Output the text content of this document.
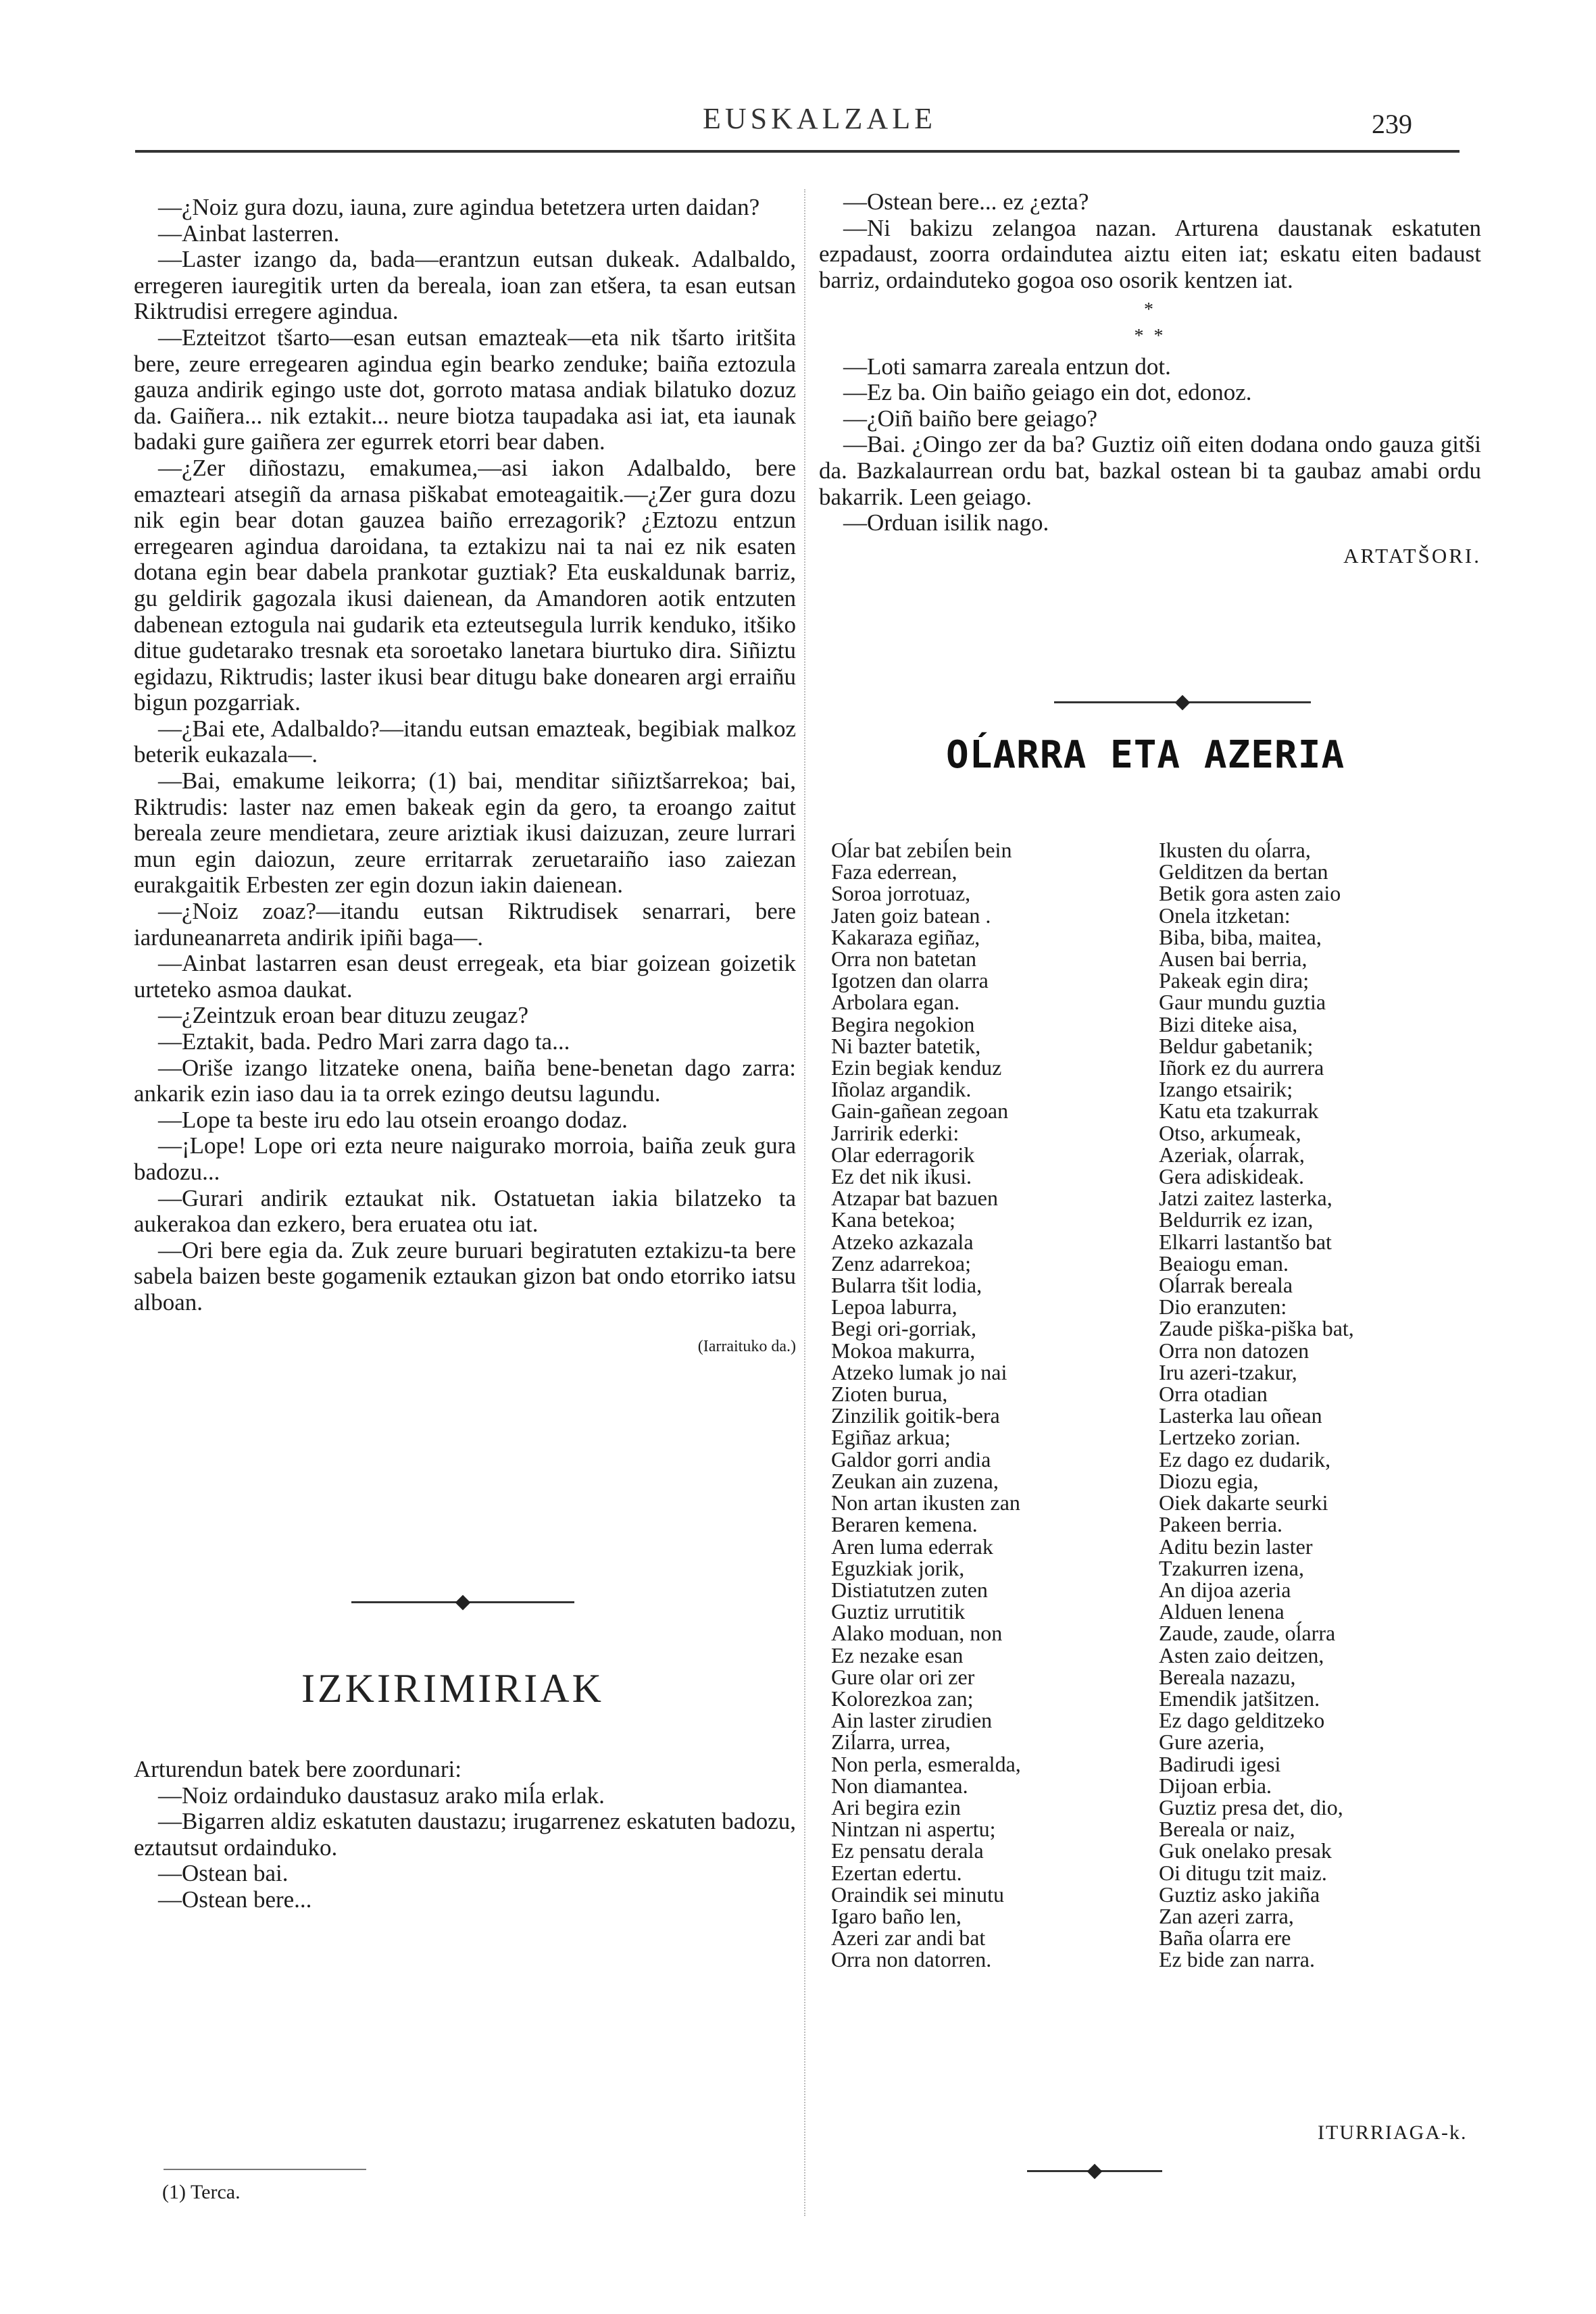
EUSKALZALE	239

—¿Noiz gura dozu, iauna, zure agindua betetzera urten daidan?

—Ainbat lasterren.

—Laster izango da, bada—erantzun eutsan dukeak. Adalbaldo, erregeren iauregitik urten da bereala, ioan zan etšera, ta esan eutsan Riktrudisi erregere agindua.

—Ezteitzot tšarto—esan eutsan emazteak—eta nik tšarto iritšita bere, zeure erregearen agindua egin bearko zenduke; baiña eztozula gauza andirik egingo uste dot, gorroto matasa andiak bilatuko dozuz da. Gaiñera... nik eztakit... neure biotza taupadaka asi iat, eta iaunak badaki gure gaiñera zer egurrek etorri bear daben.

—¿Zer diñostazu, emakumea,—asi iakon Adalbaldo, bere emazteari atsegiñ da arnasa piškabat emoteagaitik.—¿Zer gura dozu nik egin bear dotan gauzea baiño errezagorik? ¿Eztozu entzun erregearen agindua daroidana, ta eztakizu nai ta nai ez nik esaten dotana egin bear dabela prankotar guztiak? Eta euskaldunak barriz, gu geldirik gagozala ikusi daienean, da Amandoren aotik entzuten dabenean eztogula nai gudarik eta ezteutsegula lurrik kenduko, itšiko ditue gudetarako tresnak eta soroetako lanetara biurtuko dira. Siñiztu egidazu, Riktrudis; laster ikusi bear ditugu bake donearen argi erraiñu bigun pozgarriak.

—¿Bai ete, Adalbaldo?—itandu eutsan emazteak, begibiak malkoz beterik eukazala—.

—Bai, emakume leikorra; (1) bai, menditar siñiztšarrekoa; bai, Riktrudis: laster naz emen bakeak egin da gero, ta eroango zaitut bereala zeure mendietara, zeure ariztiak ikusi daizuzan, zeure lurrari mun egin daiozun, zeure erritarrak zeruetaraiño iaso zaiezan eurakgaitik Erbesten zer egin dozun iakin daienean.

—¿Noiz zoaz?—itandu eutsan Riktrudisek senarrari, bere iarduneanarreta andirik ipiñi baga—.

—Ainbat lastarren esan deust erregeak, eta biar goizean goizetik urteteko asmoa daukat.

—¿Zeintzuk eroan bear dituzu zeugaz?

—Eztakit, bada. Pedro Mari zarra dago ta...

—Oriše izango litzateke onena, baiña bene-benetan dago zarra: ankarik ezin iaso dau ia ta orrek ezingo deutsu lagundu.

—Lope ta beste iru edo lau otsein eroango dodaz.

—¡Lope! Lope ori ezta neure naigurako morroia, baiña zeuk gura badozu...

—Gurari andirik eztaukat nik. Ostatuetan iakia bilatzeko ta aukerakoa dan ezkero, bera eruatea otu iat.

—Ori bere egia da. Zuk zeure buruari begiratuten eztakizu-ta bere sabela baizen beste gogamenik eztaukan gizon bat ondo etorriko iatsu alboan.

(Iarraituko da.)
IZKIRIMIRIAK

Arturendun batek bere zoordunari:

—Noiz ordainduko daustasuz arako miĺa erlak.

—Bigarren aldiz eskatuten daustazu; irugarrenez eskatuten badozu, eztautsut ordainduko.

—Ostean bai.

—Ostean bere...

(1) Terca.

—Ostean bere... ez ¿ezta?

—Ni bakizu zelangoa nazan. Arturena daustanak eskatuten ezpadaust, zoorra ordaindutea aiztu eiten iat; eskatu eiten badaust barriz, ordainduteko gogoa oso osorik kentzen iat.

*
* *

—Loti samarra zareala entzun dot.

—Ez ba. Oin baiño geiago ein dot, edonoz.

—¿Oiñ baiño bere geiago?

—Bai. ¿Oingo zer da ba? Guztiz oiñ eiten dodana ondo gauza gitši da. Bazkalaurrean ordu bat, bazkal ostean bi ta gaubaz amabi ordu bakarrik. Leen geiago.

—Orduan isilik nago.

ARTATŠORI.
OĹARRA ETA AZERIA
Oĺar bat zebiĺen bein
Faza ederrean,
Soroa jorrotuaz,
Jaten goiz batean .
Kakaraza egiñaz,
Orra non batetan
Igotzen dan olarra
Arbolara egan.
Begira negokion
Ni bazter batetik,
Ezin begiak kenduz
Iñolaz argandik.
Gain-gañean zegoan
Jarririk ederki:
Olar ederragorik
Ez det nik ikusi.
Atzapar bat bazuen
Kana betekoa;
Atzeko azkazala
Zenz adarrekoa;
Bularra tšit lodia,
Lepoa laburra,
Begi ori-gorriak,
Mokoa makurra,
Atzeko lumak jo nai
Zioten burua,
Zinzilik goitik-bera
Egiñaz arkua;
Galdor gorri andia
Zeukan ain zuzena,
Non artan ikusten zan
Beraren kemena.
Aren luma ederrak
Eguzkiak jorik,
Distiatutzen zuten
Guztiz urrutitik
Alako moduan, non
Ez nezake esan
Gure olar ori zer
Kolorezkoa zan;
Ain laster zirudien
Ziĺarra, urrea,
Non perla, esmeralda,
Non diamantea.
Ari begira ezin
Nintzan ni aspertu;
Ez pensatu derala
Ezertan edertu.
Oraindik sei minutu
Igaro baño len,
Azeri zar andi bat
Orra non datorren.
Ikusten du oĺarra,
Gelditzen da bertan
Betik gora asten zaio
Onela itzketan:
Biba, biba, maitea,
Ausen bai berria,
Pakeak egin dira;
Gaur mundu guztia
Bizi diteke aisa,
Beldur gabetanik;
Iñork ez du aurrera
Izango etsairik;
Katu eta tzakurrak
Otso, arkumeak,
Azeriak, oĺarrak,
Gera adiskideak.
Jatzi zaitez lasterka,
Beldurrik ez izan,
Elkarri lastantšo bat
Beaiogu eman.
Oĺarrak bereala
Dio eranzuten:
Zaude piška-piška bat,
Orra non datozen
Iru azeri-tzakur,
Orra otadian
Lasterka lau oñean
Lertzeko zorian.
Ez dago ez dudarik,
Diozu egia,
Oiek dakarte seurki
Pakeen berria.
Aditu bezin laster
Tzakurren izena,
An dijoa azeria
Alduen lenena
Zaude, zaude, oĺarra
Asten zaio deitzen,
Bereala nazazu,
Emendik jatšitzen.
Ez dago gelditzeko
Gure azeria,
Badirudi igesi
Dijoan erbia.
Guztiz presa det, dio,
Bereala or naiz,
Guk onelako presak
Oi ditugu tzit maiz.
Guztiz asko jakiña
Zan azeri zarra,
Baña oĺarra ere
Ez bide zan narra.
ITURRIAGA-k.
